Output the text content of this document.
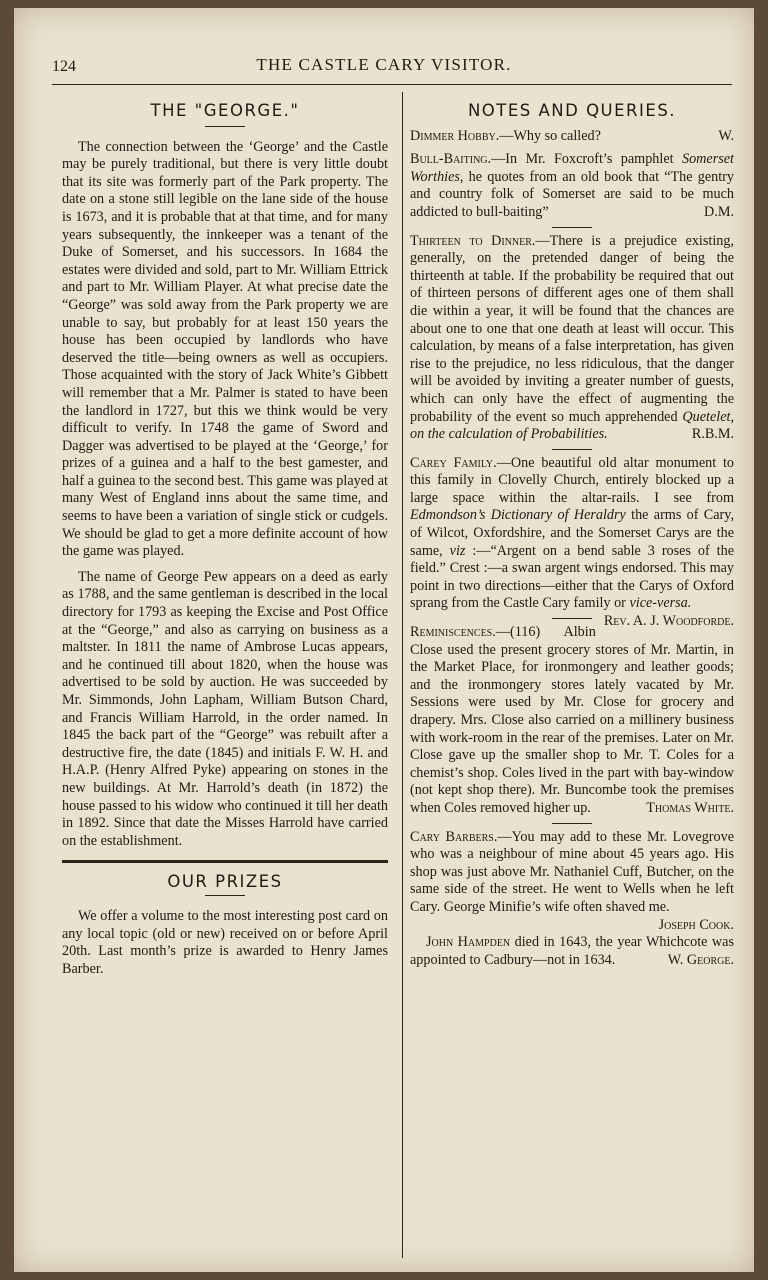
124	THE CASTLE CARY VISITOR.
THE "GEORGE."

The connection between the ‘George’ and the Castle may be purely traditional, but there is very little doubt that its site was formerly part of the Park property. The date on a stone still legible on the lane side of the house is 1673, and it is probable that at that time, and for many years subsequently, the innkeeper was a tenant of the Duke of Somerset, and his successors. In 1684 the estates were divided and sold, part to Mr. William Ettrick and part to Mr. William Player. At what precise date the “George” was sold away from the Park property we are unable to say, but probably for at least 150 years the house has been occupied by landlords who have deserved the title—being owners as well as occupiers. Those acquainted with the story of Jack White’s Gibbett will remember that a Mr. Palmer is stated to have been the landlord in 1727, but this we think would be very difficult to verify. In 1748 the game of Sword and Dagger was advertised to be played at the ‘George,’ for prizes of a guinea and a half to the best gamester, and half a guinea to the second best. This game was played at many West of England inns about the same time, and seems to have been a variation of single stick or cudgels. We should be glad to get a more definite account of how the game was played.

The name of George Pew appears on a deed as early as 1788, and the same gentleman is described in the local directory for 1793 as keeping the Excise and Post Office at the “George,” and also as carrying on business as a maltster. In 1811 the name of Ambrose Lucas appears, and he continued till about 1820, when the house was advertised to be sold by auction. He was succeeded by Mr. Simmonds, John Lapham, William Butson Chard, and Francis William Harrold, in the order named. In 1845 the back part of the “George” was rebuilt after a destructive fire, the date (1845) and initials F. W. H. and H.A.P. (Henry Alfred Pyke) appearing on stones in the new buildings. At Mr. Harrold’s death (in 1872) the house passed to his widow who continued it till her death in 1892. Since that date the Misses Harrold have carried on the establishment.

OUR PRIZES

We offer a volume to the most interesting post card on any local topic (old or new) received on or before April 20th. Last month’s prize is awarded to Henry James Barber.

NOTES AND QUERIES.
Dimmer Hobby.—Why so called?	W.
Bull-Baiting.—In Mr. Foxcroft’s pamphlet Somerset Worthies, he quotes from an old book that “The gentry and country folk of Somerset are said to be much addicted to bull-baiting”	D.M.
Thirteen to Dinner.—There is a prejudice existing, generally, on the pretended danger of being the thirteenth at table. If the probability be required that out of thirteen persons of different ages one of them shall die within a year, it will be found that the chances are about one to one that one death at least will occur. This calculation, by means of a false interpretation, has given rise to the prejudice, no less ridiculous, that the danger will be avoided by inviting a greater number of guests, which can only have the effect of augmenting the probability of the event so much apprehended Quetelet, on the calculation of Probabilities.	R.B.M.
Carey Family.—One beautiful old altar monument to this family in Clovelly Church, entirely blocked up a large space within the altar-rails. I see from Edmondson’s Dictionary of Heraldry the arms of Cary, of Wilcot, Oxfordshire, and the Somerset Carys are the same, viz :—“Argent on a bend sable 3 roses of the field.” Crest :—a swan argent wings endorsed. This may point in two directions—either that the Carys of Oxford sprang from the Castle Cary family or vice-versa.
Rev. A. J. Woodforde.
Reminiscences.—(116) Albin Close used the present grocery stores of Mr. Martin, in the Market Place, for ironmongery and leather goods; and the ironmongery stores lately vacated by Mr. Sessions were used by Mr. Close for grocery and drapery. Mrs. Close also carried on a millinery business with work-room in the rear of the premises. Later on Mr. Close gave up the smaller shop to Mr. T. Coles for a chemist’s shop. Coles lived in the part with bay-window (not kept shop there). Mr. Buncombe took the premises when Coles removed higher up.	Thomas White.
Cary Barbers.—You may add to these Mr. Lovegrove who was a neighbour of mine about 45 years ago. His shop was just above Mr. Nathaniel Cuff, Butcher, on the same side of the street. He went to Wells when he left Cary. George Minifie’s wife often shaved me.
Joseph Cook.
John Hampden died in 1643, the year Whichcote was appointed to Cadbury—not in 1634.	W. George.
